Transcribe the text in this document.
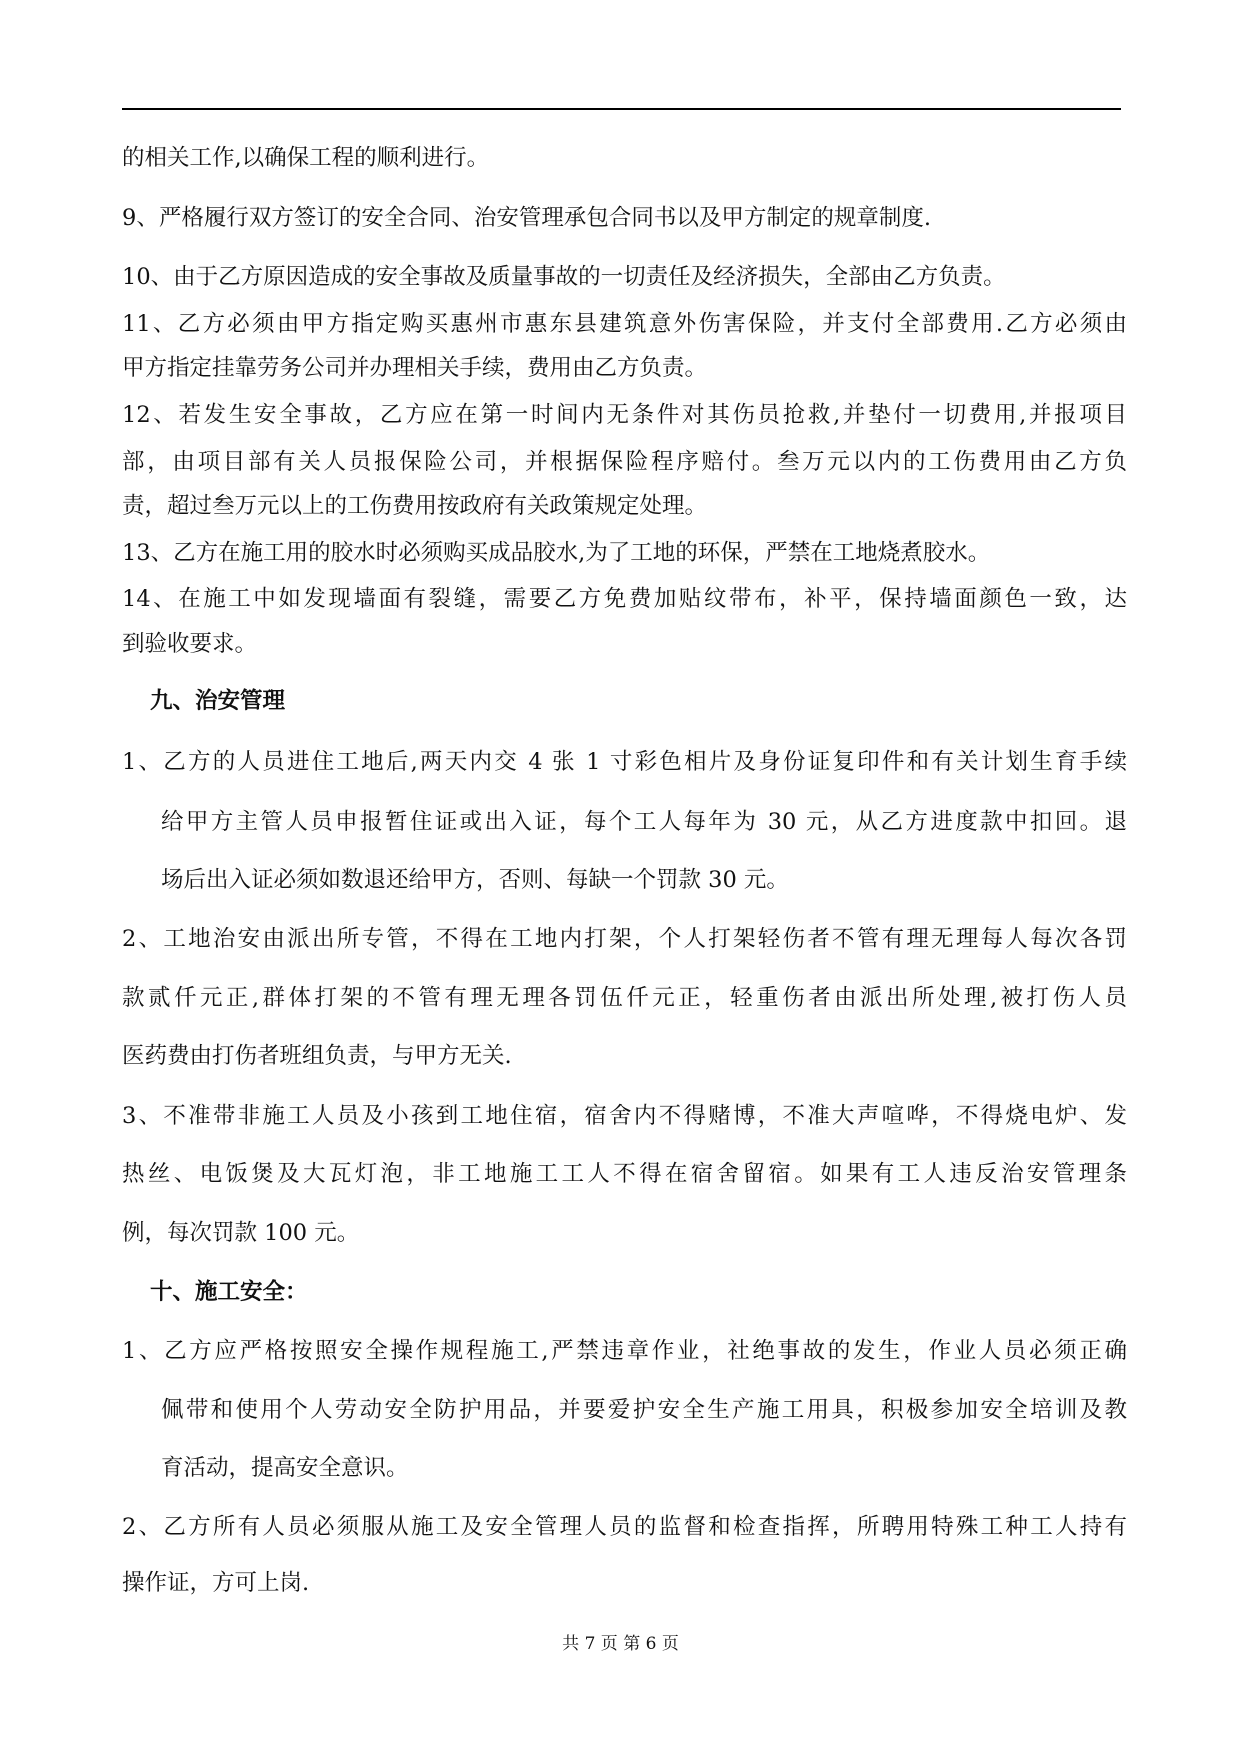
的相关工作,以确保工程的顺利进行。
9、严格履行双方签订的安全合同、治安管理承包合同书以及甲方制定的规章制度.
10、由于乙方原因造成的安全事故及质量事故的一切责任及经济损失，全部由乙方负责。
11、乙方必须由甲方指定购买惠州市惠东县建筑意外伤害保险，并支付全部费用.乙方必须由
甲方指定挂靠劳务公司并办理相关手续，费用由乙方负责。
12、若发生安全事故，乙方应在第一时间内无条件对其伤员抢救,并垫付一切费用,并报项目
部，由项目部有关人员报保险公司，并根据保险程序赔付。叁万元以内的工伤费用由乙方负
责，超过叁万元以上的工伤费用按政府有关政策规定处理。
13、乙方在施工用的胶水时必须购买成品胶水,为了工地的环保，严禁在工地烧煮胶水。
14、在施工中如发现墙面有裂缝，需要乙方免费加贴纹带布，补平，保持墙面颜色一致，达
到验收要求。
九、治安管理
1、乙方的人员进住工地后,两天内交 4 张 1 寸彩色相片及身份证复印件和有关计划生育手续
给甲方主管人员申报暂住证或出入证，每个工人每年为 30 元，从乙方进度款中扣回。退
场后出入证必须如数退还给甲方，否则、每缺一个罚款 30 元。
2、工地治安由派出所专管，不得在工地内打架，个人打架轻伤者不管有理无理每人每次各罚
款贰仟元正,群体打架的不管有理无理各罚伍仟元正，轻重伤者由派出所处理,被打伤人员
医药费由打伤者班组负责，与甲方无关.
3、不准带非施工人员及小孩到工地住宿，宿舍内不得赌博，不准大声喧哗，不得烧电炉、发
热丝、电饭煲及大瓦灯泡，非工地施工工人不得在宿舍留宿。如果有工人违反治安管理条
例，每次罚款 100 元。
十、施工安全：
1、乙方应严格按照安全操作规程施工,严禁违章作业，社绝事故的发生，作业人员必须正确
佩带和使用个人劳动安全防护用品，并要爱护安全生产施工用具，积极参加安全培训及教
育活动，提高安全意识。
2、乙方所有人员必须服从施工及安全管理人员的监督和检查指挥，所聘用特殊工种工人持有
操作证，方可上岗.
共 7 页 第 6 页
